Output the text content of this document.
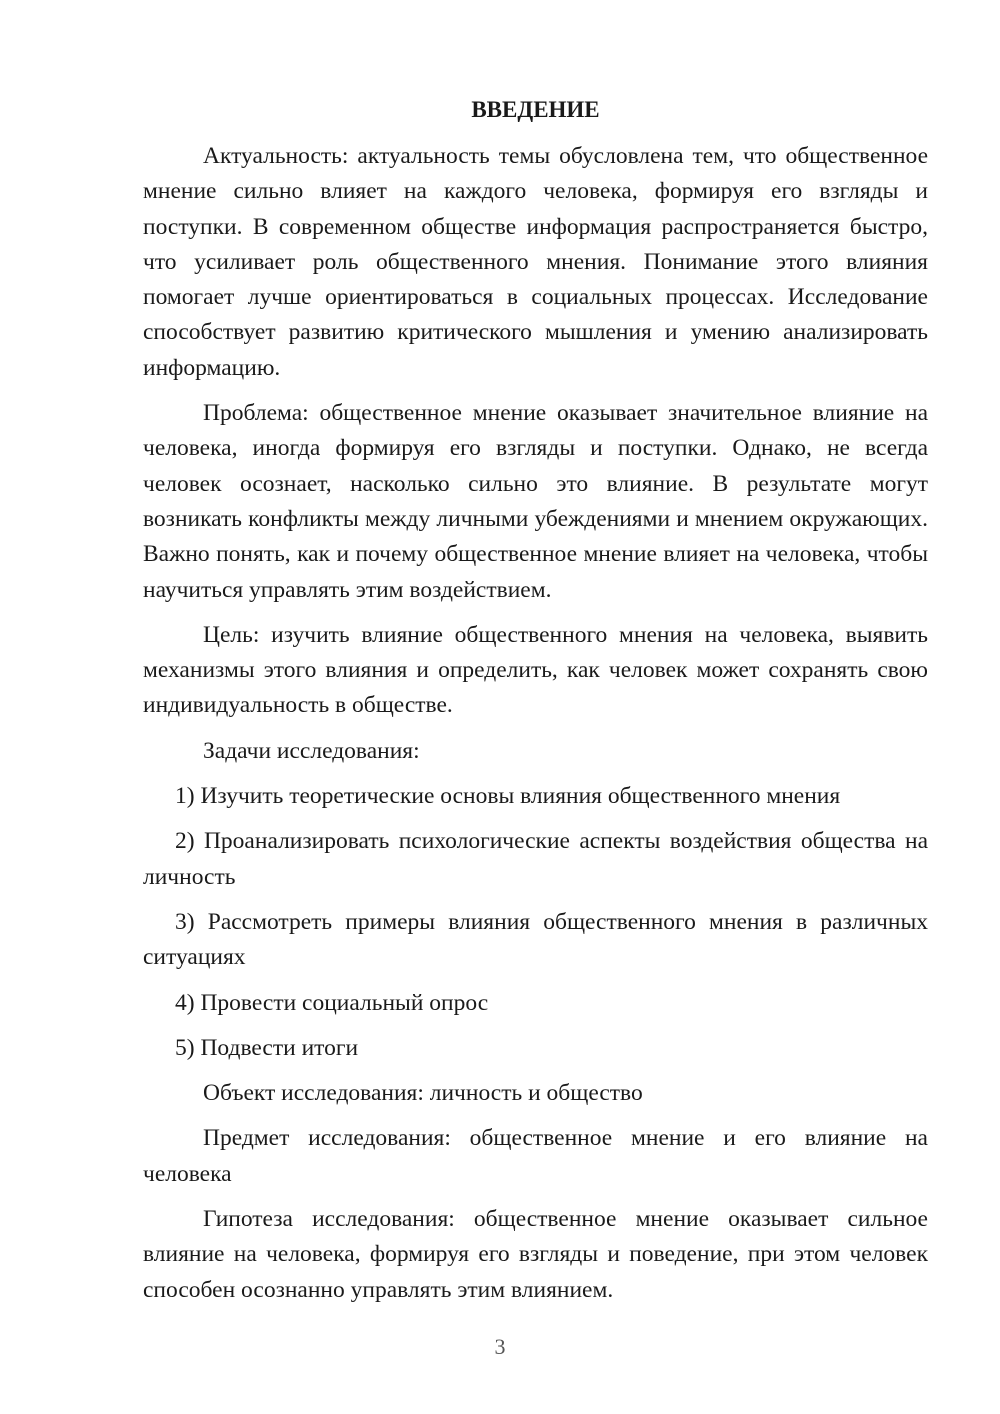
ВВЕДЕНИЕ

Актуальность: актуальность темы обусловлена тем, что общественное мнение сильно влияет на каждого человека, формируя его взгляды и поступки. В современном обществе информация распространяется быстро, что усиливает роль общественного мнения. Понимание этого влияния помогает лучше ориентироваться в социальных процессах. Исследование способствует развитию критического мышления и умению анализировать информацию.

Проблема: общественное мнение оказывает значительное влияние на человека, иногда формируя его взгляды и поступки. Однако, не всегда человек осознает, насколько сильно это влияние. В результате могут возникать конфликты между личными убеждениями и мнением окружающих. Важно понять, как и почему общественное мнение влияет на человека, чтобы научиться управлять этим воздействием.

Цель: изучить влияние общественного мнения на человека, выявить механизмы этого влияния и определить, как человек может сохранять свою индивидуальность в обществе.

Задачи исследования:

1) Изучить теоретические основы влияния общественного мнения

2) Проанализировать психологические аспекты воздействия общества на личность

3) Рассмотреть примеры влияния общественного мнения в различных ситуациях

4) Провести социальный опрос

5) Подвести итоги

Объект исследования: личность и общество

Предмет исследования: общественное мнение и его влияние на человека

Гипотеза исследования: общественное мнение оказывает сильное влияние на человека, формируя его взгляды и поведение, при этом человек способен осознанно управлять этим влиянием.

3
